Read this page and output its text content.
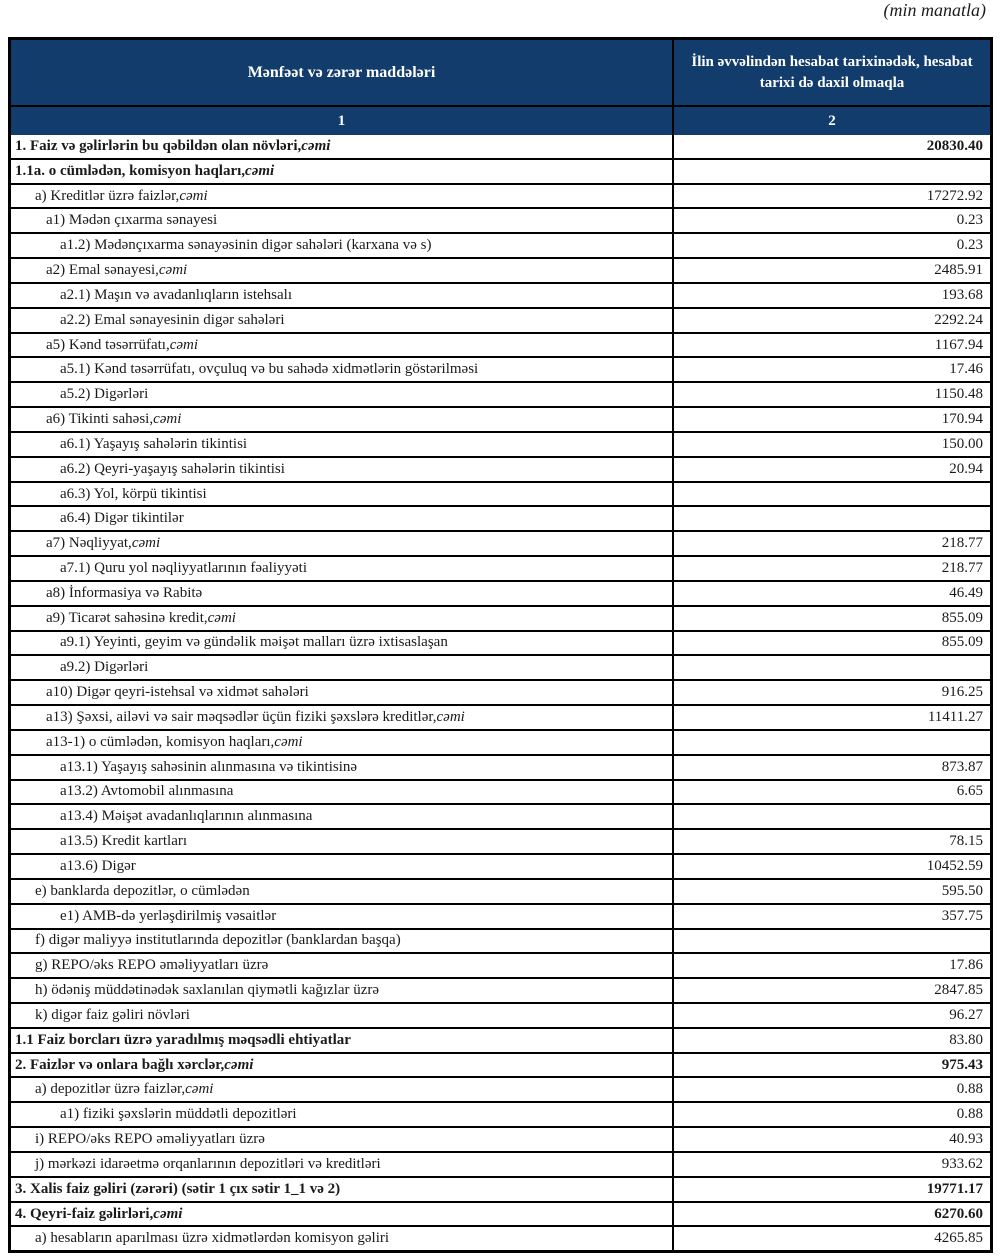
(min manatla)
Mənfəət və zərər maddələri
İlin əvvəlindən hesabat tarixinədək, hesabat tarixi də daxil olmaqla
1	2
1. Faiz və gəlirlərin bu qəbildən olan növləri, cəmi	20830.40
1.1a. o cümlədən, komisyon haqları, cəmi
a) Kreditlər üzrə faizlər, cəmi	17272.92
a1) Mədən çıxarma sənayesi	0.23
a1.2) Mədənçıxarma sənayəsinin digər sahələri (karxana və s)	0.23
a2) Emal sənayesi, cəmi	2485.91
a2.1) Maşın və avadanlıqların istehsalı	193.68
a2.2) Emal sənayesinin digər sahələri	2292.24
a5) Kənd təsərrüfatı, cəmi	1167.94
a5.1) Kənd təsərrüfatı, ovçuluq və bu sahədə xidmətlərin göstərilməsi	17.46
a5.2) Digərləri	1150.48
a6) Tikinti sahəsi, cəmi	170.94
a6.1) Yaşayış sahələrin tikintisi	150.00
a6.2) Qeyri-yaşayış sahələrin tikintisi	20.94
a6.3) Yol, körpü tikintisi
a6.4) Digər tikintilər
a7) Nəqliyyat, cəmi	218.77
a7.1) Quru yol nəqliyyatlarının fəaliyyəti	218.77
a8) İnformasiya və Rabitə	46.49
a9) Ticarət sahəsinə kredit, cəmi	855.09
a9.1) Yeyinti, geyim və gündəlik məişət malları üzrə ixtisaslaşan	855.09
a9.2) Digərləri
a10) Digər qeyri-istehsal və xidmət sahələri	916.25
a13) Şəxsi, ailəvi və sair məqsədlər üçün fiziki şəxslərə kreditlər, cəmi	11411.27
a13-1) o cümlədən, komisyon haqları, cəmi
a13.1) Yaşayış sahəsinin alınmasına və tikintisinə	873.87
a13.2) Avtomobil alınmasına	6.65
a13.4) Məişət avadanlıqlarının alınmasına
a13.5) Kredit kartları	78.15
a13.6) Digər	10452.59
e) banklarda depozitlər, o cümlədən	595.50
e1) AMB-də yerləşdirilmiş vəsaitlər	357.75
f) digər maliyyə institutlarında depozitlər (banklardan başqa)
g) REPO/əks REPO əməliyyatları üzrə	17.86
h) ödəniş müddətinədək saxlanılan qiymətli kağızlar üzrə	2847.85
k) digər faiz gəliri növləri	96.27
1.1 Faiz borcları üzrə yaradılmış məqsədli ehtiyatlar	83.80
2. Faizlər və onlara bağlı xərclər, cəmi	975.43
a) depozitlər üzrə faizlər, cəmi	0.88
a1) fiziki şəxslərin müddətli depozitləri	0.88
i) REPO/əks REPO əməliyyatları üzrə	40.93
j) mərkəzi idarəetmə orqanlarının depozitləri və kreditləri	933.62
3. Xalis faiz gəliri (zərəri) (sətir 1 çıx sətir 1_1 və 2)	19771.17
4. Qeyri-faiz gəlirləri, cəmi	6270.60
a) hesabların aparılması üzrə xidmətlərdən komisyon gəliri	4265.85
